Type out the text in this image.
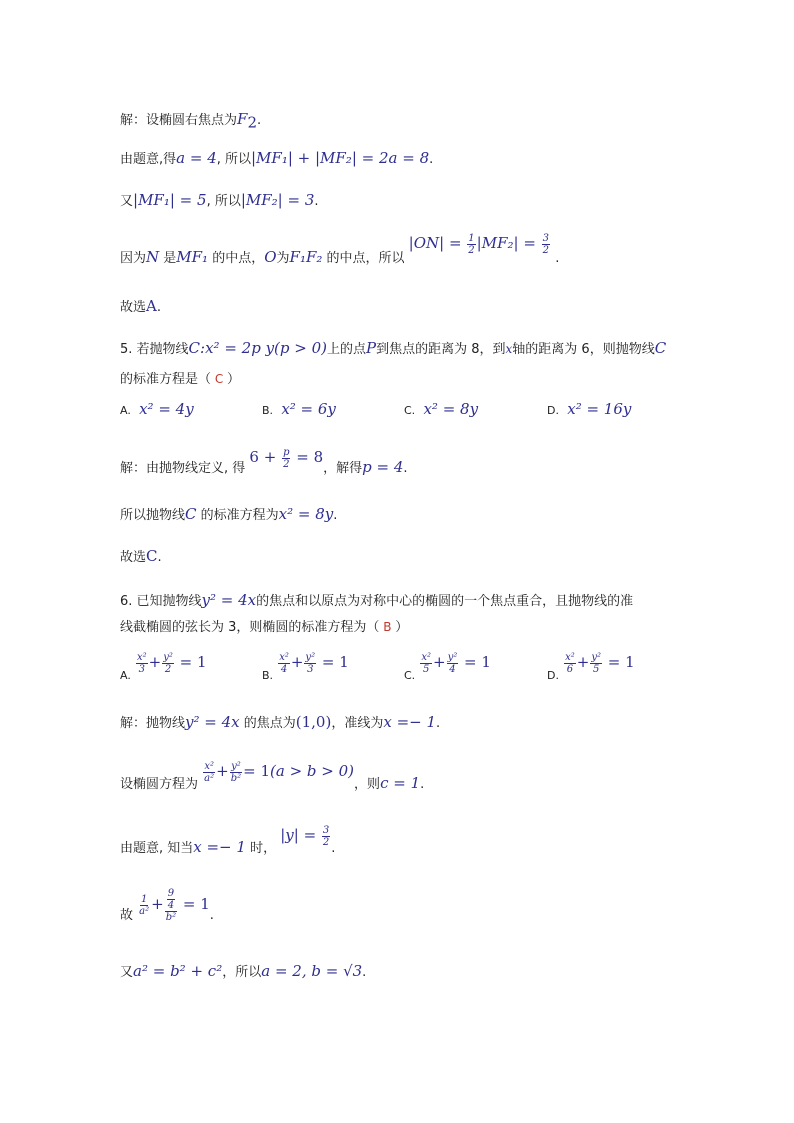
解：设椭圆右焦点为$F_2$.
由题意,得a = 4, 所以|MF₁| + |MF₂| = 2a = 8.
又|MF₁| = 5, 所以|MF₂| = 3.
因为N 是MF₁ 的中点，O为F₁F₂ 的中点，所以 $|ON| = \frac{1}{2} |MF_2| = \frac{3}{2}$
.
故选A.
5. 若抛物线C:x² = 2p y(p > 0)上的点P到焦点的距离为 8，到x轴的距离为 6，则抛物线C
的标准方程是（ C ）
A. x² = 4y	B. x² = 6y	C. x² = 8y	D. x² = 16y
解：由抛物线定义, 得 $6 + \frac{p}{2} = 8$，解得p = 4.
所以抛物线C 的标准方程为x² = 8y.
故选C.
6. 已知抛物线y² = 4x的焦点和以原点为对称中心的椭圆的一个焦点重合，且抛物线的准
线截椭圆的弦长为 3，则椭圆的标准方程为（ B ）
$_{A.}$
$\frac{\text{x²}}{3} + \frac{\text{y²}}{2} = 1$
$_{B.}$
$\frac{\text{x²}}{4} + \frac{\text{y²}}{3} = 1$
$_{C.}$
$\frac{\text{x²}}{5} + \frac{\text{y²}}{4} = 1$
$_{D.}$
$\frac{\text{x²}}{6} + \frac{\text{y²}}{5} = 1$
解：抛物线y² = 4x 的焦点为(1,0)，准线为x =− 1.
设椭圆方程为
$\frac{\text{x²}}{\text{a²}} + \frac{\text{y²}}{\text{b²}} = 1(a > b > 0)$，则c = 1.
由题意, 知当x =− 1 时， $|y| = \frac{3}{2}$
.
故 $\frac{1}{\text{a²}} + \frac{\frac{9}{4}}{\text{b²}} = 1$.
又a² = b² + c²，所以a = 2, b = √3.
